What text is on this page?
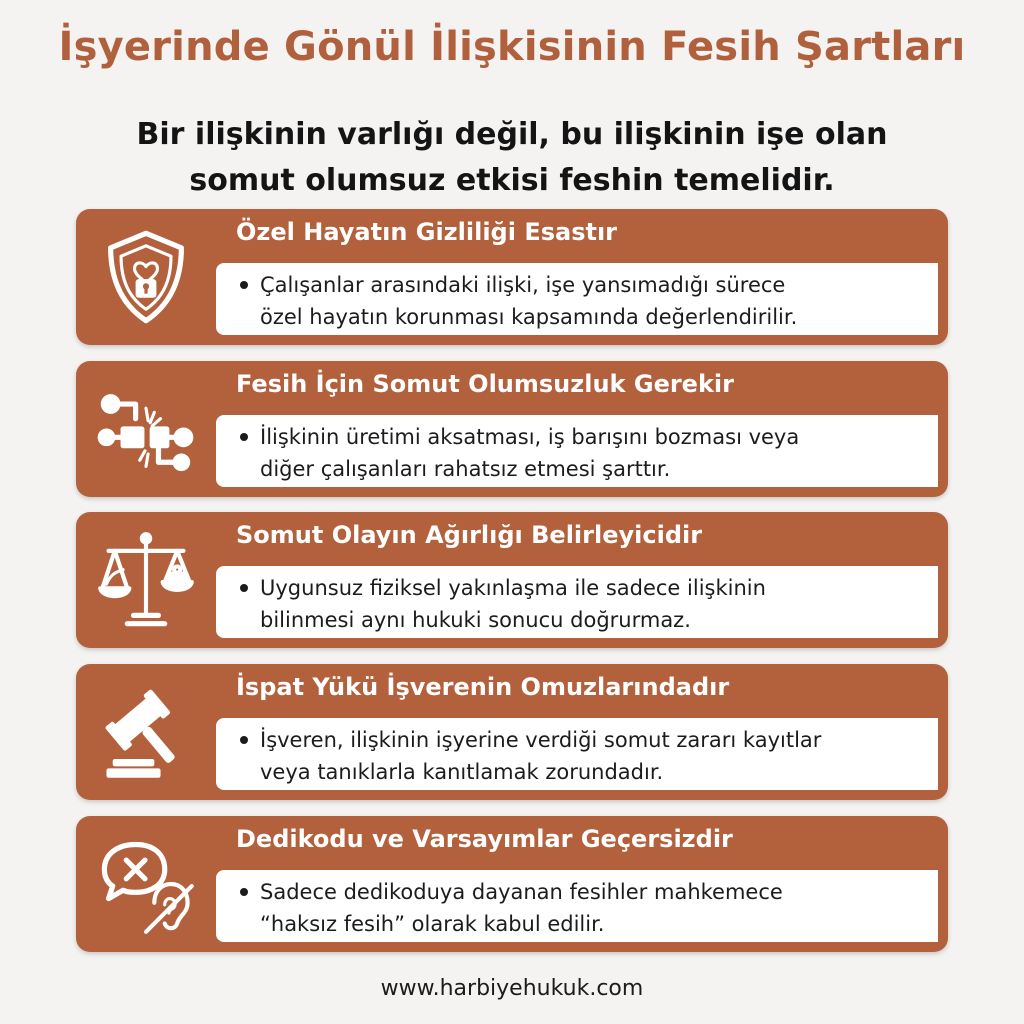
İşyerinde Gönül İlişkisinin Fesih Şartları
Bir ilişkinin varlığı değil, bu ilişkinin işe olan
somut olumsuz etkisi feshin temelidir.
Özel Hayatın Gizliliği Esastır
Çalışanlar arasındaki ilişki, işe yansımadığı sürece
özel hayatın korunması kapsamında değerlendirilir.
Fesih İçin Somut Olumsuzluk Gerekir
İlişkinin üretimi aksatması, iş barışını bozması veya
diğer çalışanları rahatsız etmesi şarttır.
Somut Olayın Ağırlığı Belirleyicidir
Uygunsuz fiziksel yakınlaşma ile sadece ilişkinin
bilinmesi aynı hukuki sonucu doğrurmaz.
İspat Yükü İşverenin Omuzlarındadır
İşveren, ilişkinin işyerine verdiği somut zararı kayıtlar
veya tanıklarla kanıtlamak zorundadır.
Dedikodu ve Varsayımlar Geçersizdir
Sadece dedikoduya dayanan fesihler mahkemece
“haksız fesih” olarak kabul edilir.
www.harbiyehukuk.com
